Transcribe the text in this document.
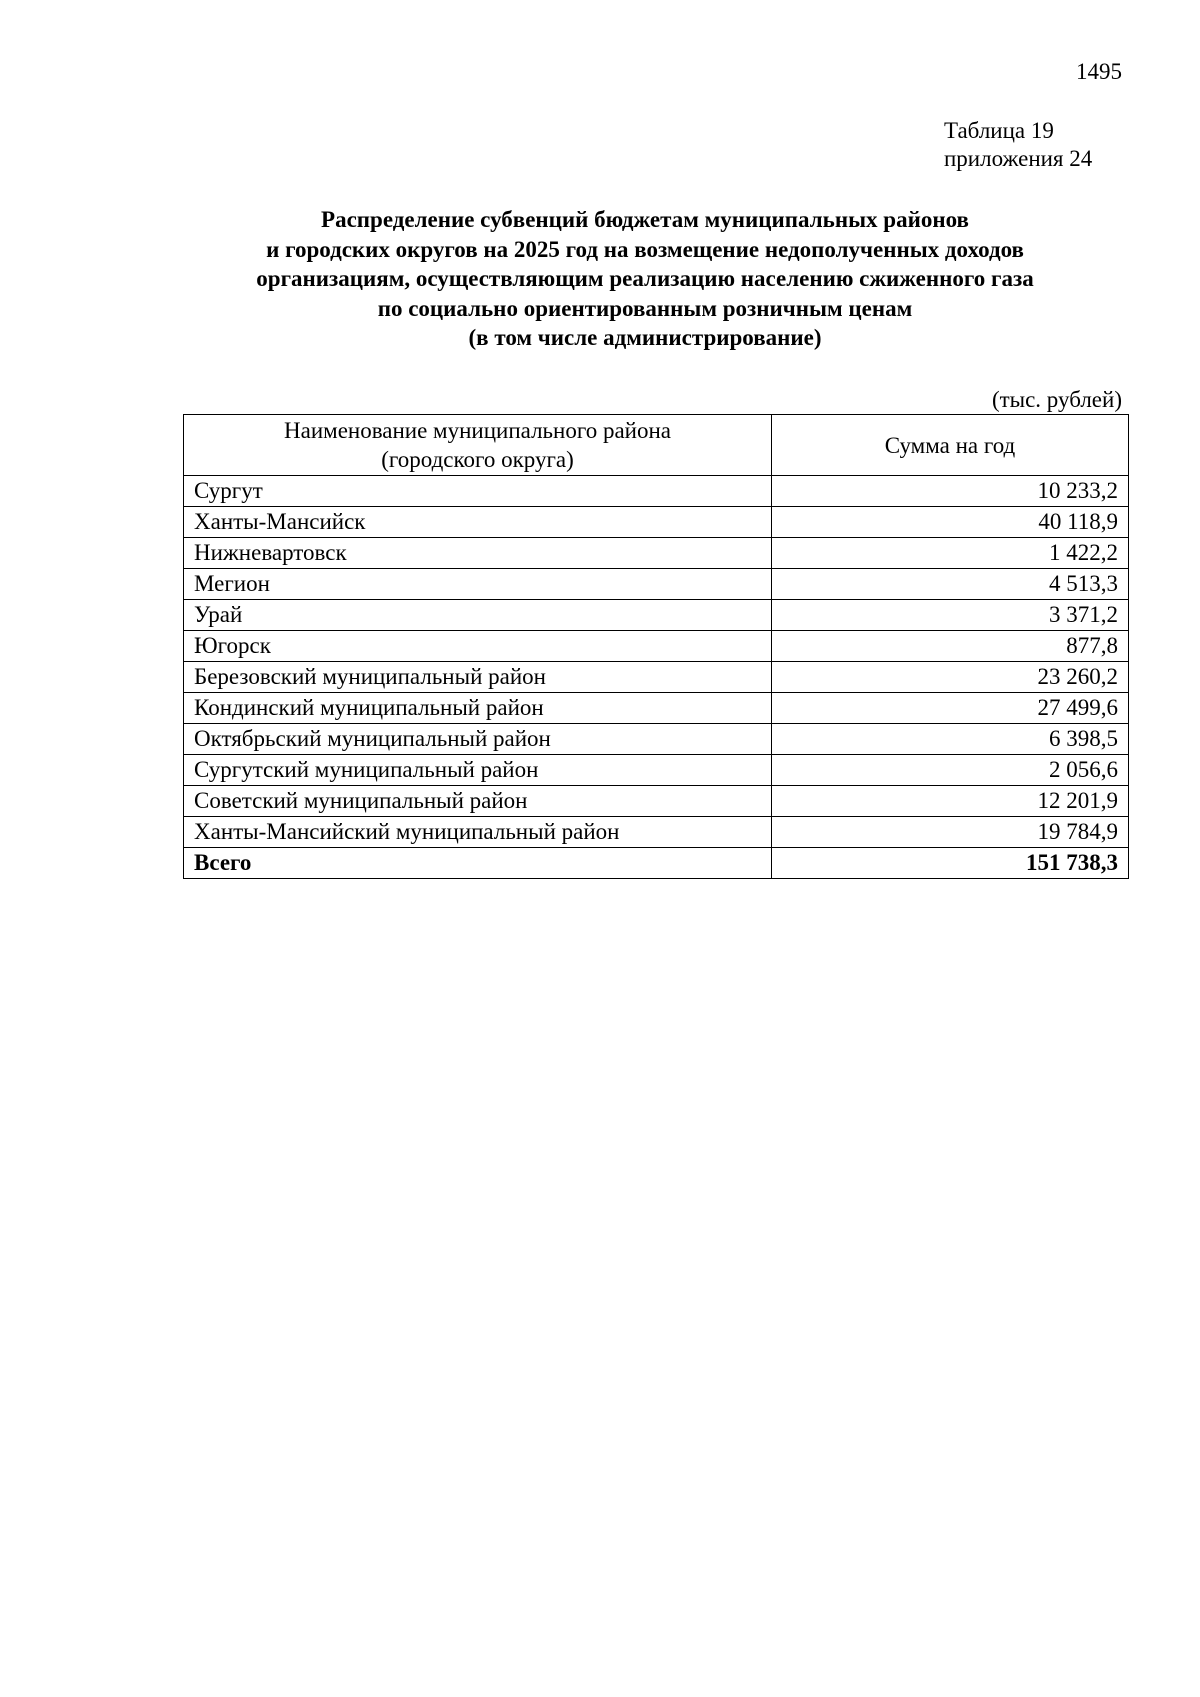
1495
Таблица 19
приложения 24
Распределение субвенций бюджетам муниципальных районов
и городских округов на 2025 год на возмещение недополученных доходов
организациям, осуществляющим реализацию населению сжиженного газа
по социально ориентированным розничным ценам
(в том числе администрирование)
(тыс. рублей)
Наименование муниципального района
(городского округа)	Сумма на год
Сургут	10 233,2
Ханты-Мансийск	40 118,9
Нижневартовск	1 422,2
Мегион	4 513,3
Урай	3 371,2
Югорск	877,8
Березовский муниципальный район	23 260,2
Кондинский муниципальный район	27 499,6
Октябрьский муниципальный район	6 398,5
Сургутский муниципальный район	2 056,6
Советский муниципальный район	12 201,9
Ханты-Мансийский муниципальный район	19 784,9
Всего	151 738,3
